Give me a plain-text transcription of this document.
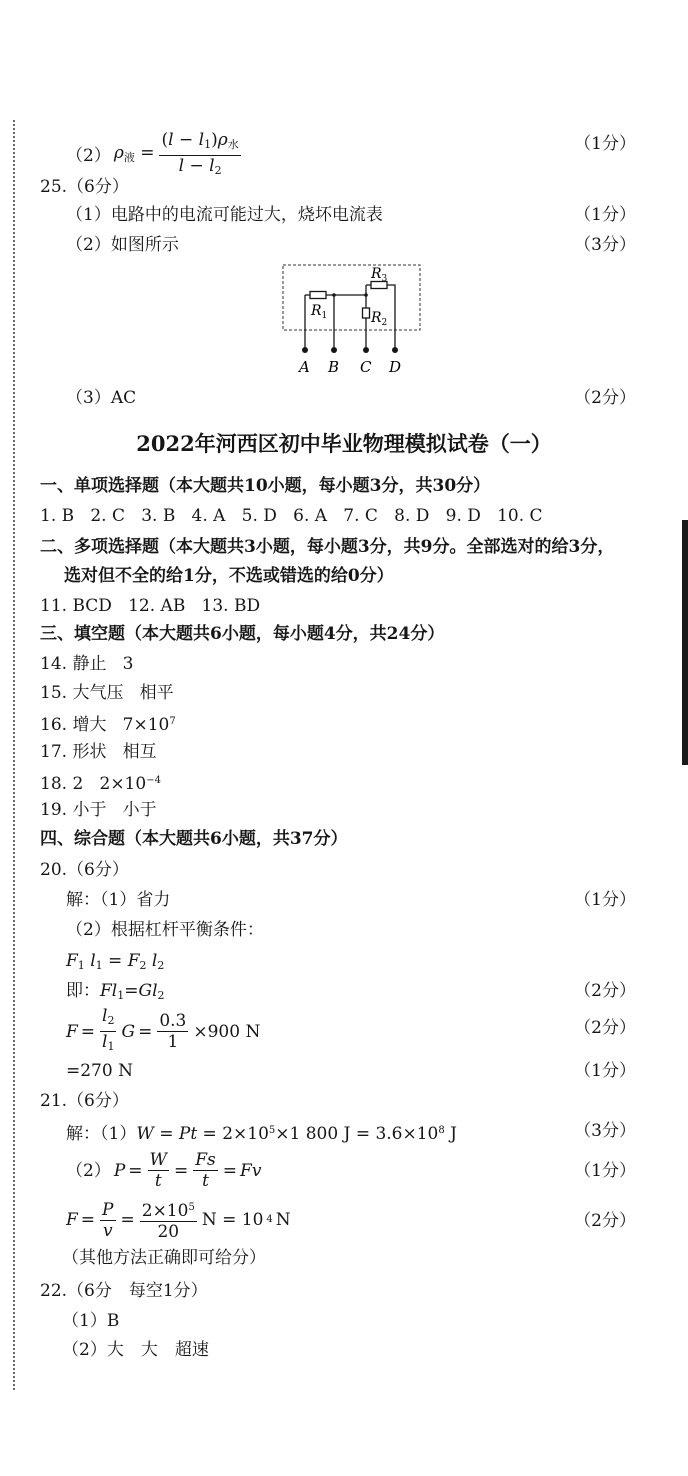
（2） $\rho_液 = \frac{(l - l_1)\rho_水}{l - l_2}$	（1分）
25.（6分）
（1）电路中的电流可能过大，烧坏电流表	（1分）
（2）如图所示	（3分）
$R_1$
$R_3$
$R_2$
A B C D
（3）AC	（2分）
2022年河西区初中毕业物理模拟试卷（一）
一、单项选择题（本大题共10小题，每小题3分，共30分）
1. B 2. C 3. B 4. A 5. D 6. A 7. C 8. D 9. D 10. C
二、多项选择题（本大题共3小题，每小题3分，共9分。全部选对的给3分，
选对但不全的给1分，不选或错选的给0分）
11. BCD 12. AB 13. BD
三、填空题（本大题共6小题，每小题4分，共24分）
14. 静止 3
15. 大气压 相平
16. 增大 $7\times 10^7$
17. 形状 相互
18. 2 $2\times 10^{-4}$
19. 小于 小于
四、综合题（本大题共6小题，共37分）
20.（6分）
解：（1）省力	（1分）
（2）根据杠杆平衡条件：
$F_1$ $l_1 = F_2$ $l_2$
即：$Fl_1=Gl_2$	（2分）
$F = \frac{l_2}{l_1}$ $G = \frac{0.3}{1} \times 900$ N	（2分）
=270 N	（1分）
21.（6分）
解：$(1)W = Pt = 2\times 10^5\times 1$ 800 $J = 3.6\times 10^8$ J	（3分）
（2） $P = \frac{W}{t} = \frac{Fs}{t} = Fv$	（1分）
$F = \frac{P}{v} = \frac{2\times 10^5}{20}$ N = 10 4 N	（2分）
（其他方法正确即可给分）
22.（6分　每空1分）
（1）B
（2）大　大　超速
